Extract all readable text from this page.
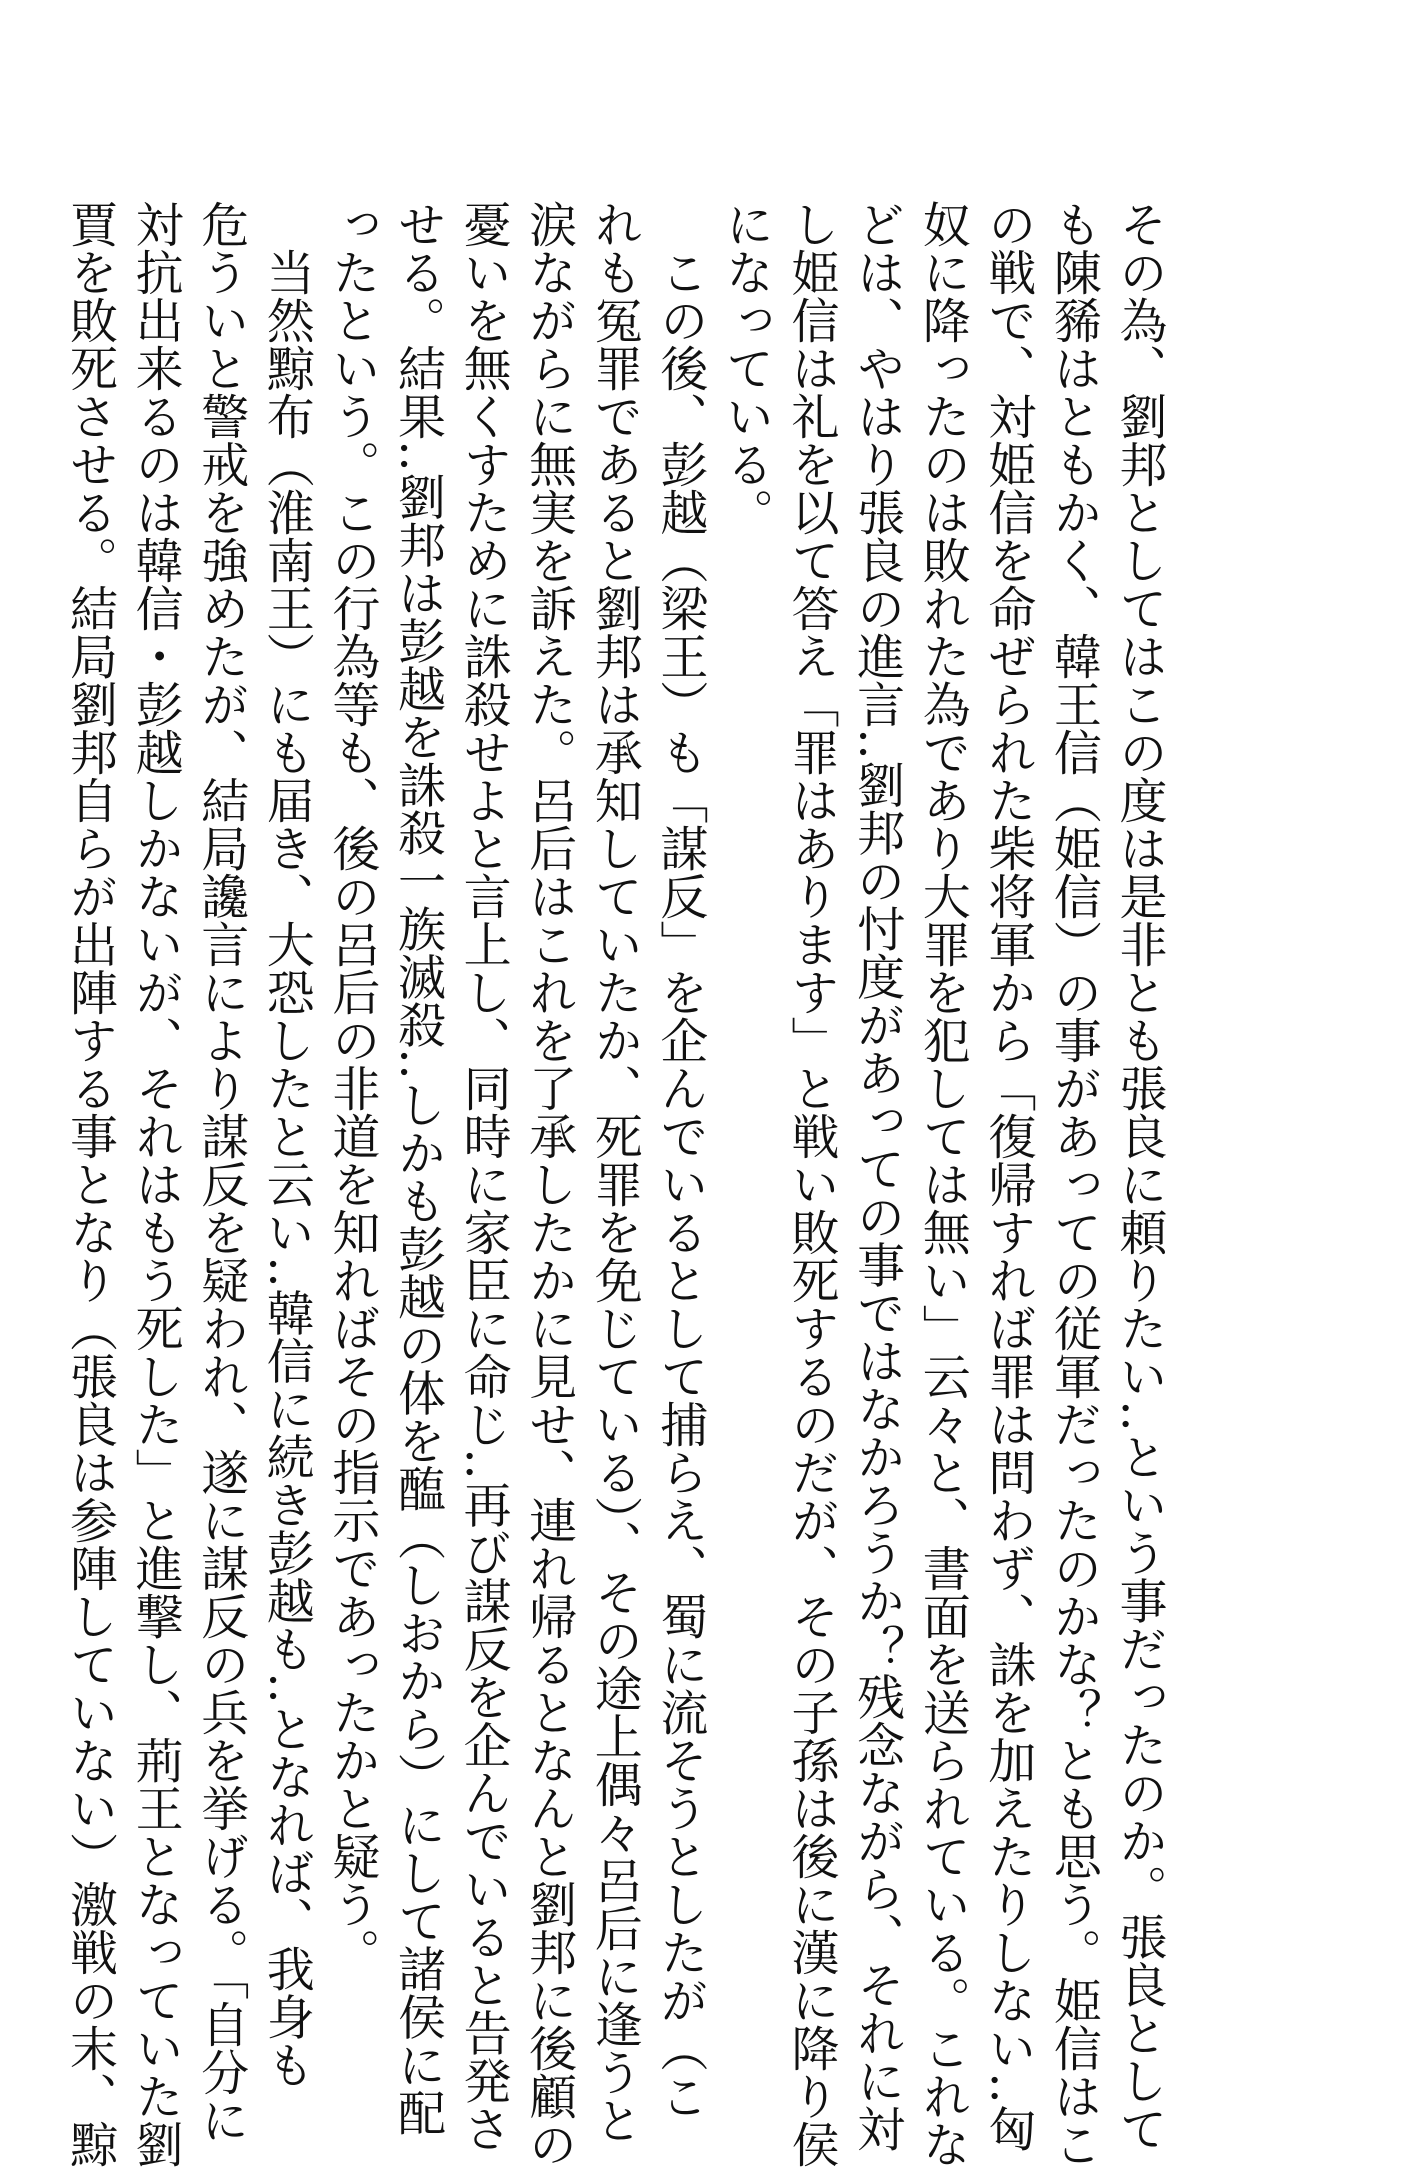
その為、劉邦としてはこの度は是非とも張良に頼りたい‥という事だったのか。張良として
も陳豨はともかく、韓王信（姫信）の事があっての従軍だったのかな？とも思う。姫信はこ
の戦で、対姫信を命ぜられた柴将軍から「復帰すれば罪は問わず、誅を加えたりしない‥匈
奴に降ったのは敗れた為であり大罪を犯しては無い」云々と、書面を送られている。これな
どは、やはり張良の進言‥劉邦の忖度があっての事ではなかろうか？残念ながら、それに対
し姫信は礼を以て答え「罪はあります」と戦い敗死するのだが、その子孫は後に漢に降り侯
になっている。
　この後、彭越（梁王）も「謀反」を企んでいるとして捕らえ、蜀に流そうとしたが（こ
れも冤罪であると劉邦は承知していたか、死罪を免じている）、その途上偶々呂后に逢うと
涙ながらに無実を訴えた。呂后はこれを了承したかに見せ、連れ帰るとなんと劉邦に後顧の
憂いを無くすために誅殺せよと言上し、同時に家臣に命じ‥再び謀反を企んでいると告発さ
せる。結果‥劉邦は彭越を誅殺一族滅殺‥しかも彭越の体を醢（しおから）にして諸侯に配
ったという。この行為等も、後の呂后の非道を知ればその指示であったかと疑う。
　当然黥布（淮南王）にも届き、大恐したと云い‥韓信に続き彭越も‥となれば、我身も
危ういと警戒を強めたが、結局讒言により謀反を疑われ、遂に謀反の兵を挙げる。「自分に
対抗出来るのは韓信・彭越しかないが、それはもう死した」と進撃し、荊王となっていた劉
賈を敗死させる。結局劉邦自らが出陣する事となり（張良は参陣していない）激戦の末、黥
